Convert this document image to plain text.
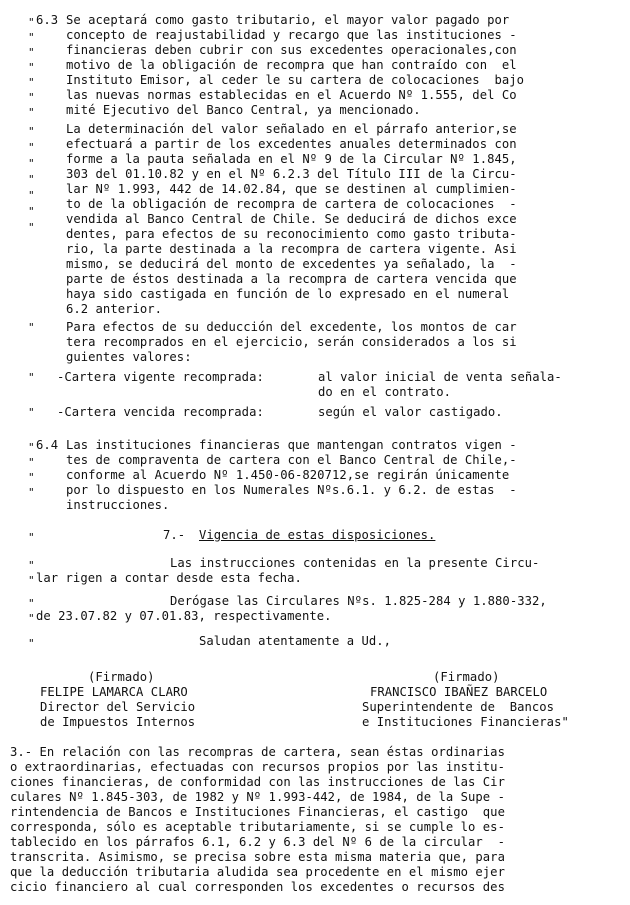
"
"
"
"
"
"
"
"
"
"
"
"
"
"
"
"
"
6.3 Se aceptará como gasto tributario, el mayor valor pagado por
concepto de reajustabilidad y recargo que las instituciones -
financieras deben cubrir con sus excedentes operacionales,con
motivo de la obligación de recompra que han contraído con  el
Instituto Emisor, al ceder le su cartera de colocaciones  bajo
las nuevas normas establecidas en el Acuerdo Nº 1.555, del Co
mité Ejecutivo del Banco Central, ya mencionado.
La determinación del valor señalado en el párrafo anterior,se
efectuará a partir de los excedentes anuales determinados con
forme a la pauta señalada en el Nº 9 de la Circular Nº 1.845,
303 del 01.10.82 y en el Nº 6.2.3 del Título III de la Circu-
lar Nº 1.993, 442 de 14.02.84, que se destinen al cumplimien-
to de la obligación de recompra de cartera de colocaciones  -
vendida al Banco Central de Chile. Se deducirá de dichos exce
dentes, para efectos de su reconocimiento como gasto tributa-
rio, la parte destinada a la recompra de cartera vigente. Asi
mismo, se deducirá del monto de excedentes ya señalado, la  -
parte de éstos destinada a la recompra de cartera vencida que
haya sido castigada en función de lo expresado en el numeral
6.2 anterior.
Para efectos de su deducción del excedente, los montos de car
tera recomprados en el ejercicio, serán considerados a los si
guientes valores:
-Cartera vigente recomprada:	al valor inicial de venta señala-
do en el contrato.
-Cartera vencida recomprada:	según el valor castigado.
"
"
"
"
6.4 Las instituciones financieras que mantengan contratos vigen -
tes de compraventa de cartera con el Banco Central de Chile,-
conforme al Acuerdo Nº 1.450-06-820712,se regirán únicamente
por lo dispuesto en los Numerales Nºs.6.1. y 6.2. de estas  -
instrucciones.
"	7.- Vigencia de estas disposiciones.
"	Las instrucciones contenidas en la presente Circu-
" lar rigen a contar desde esta fecha.
"	Derógase las Circulares Nºs. 1.825-284 y 1.880-332,
" de 23.07.82 y 07.01.83, respectivamente.
"	Saludan atentamente a Ud.,
(Firmado)
FELIPE LAMARCA CLARO
Director del Servicio
de Impuestos Internos
(Firmado)
FRANCISCO IBAÑEZ BARCELO
Superintendente de  Bancos
e Instituciones Financieras"
3.- En relación con las recompras de cartera, sean éstas ordinarias
o extraordinarias, efectuadas con recursos propios por las institu-
ciones financieras, de conformidad con las instrucciones de las Cir
culares Nº 1.845-303, de 1982 y Nº 1.993-442, de 1984, de la Supe -
rintendencia de Bancos e Instituciones Financieras, el castigo  que
corresponda, sólo es aceptable tributariamente, si se cumple lo es-
tablecido en los párrafos 6.1, 6.2 y 6.3 del Nº 6 de la circular  -
transcrita. Asimismo, se precisa sobre esta misma materia que, para
que la deducción tributaria aludida sea procedente en el mismo ejer
cicio financiero al cual corresponden los excedentes o recursos des
